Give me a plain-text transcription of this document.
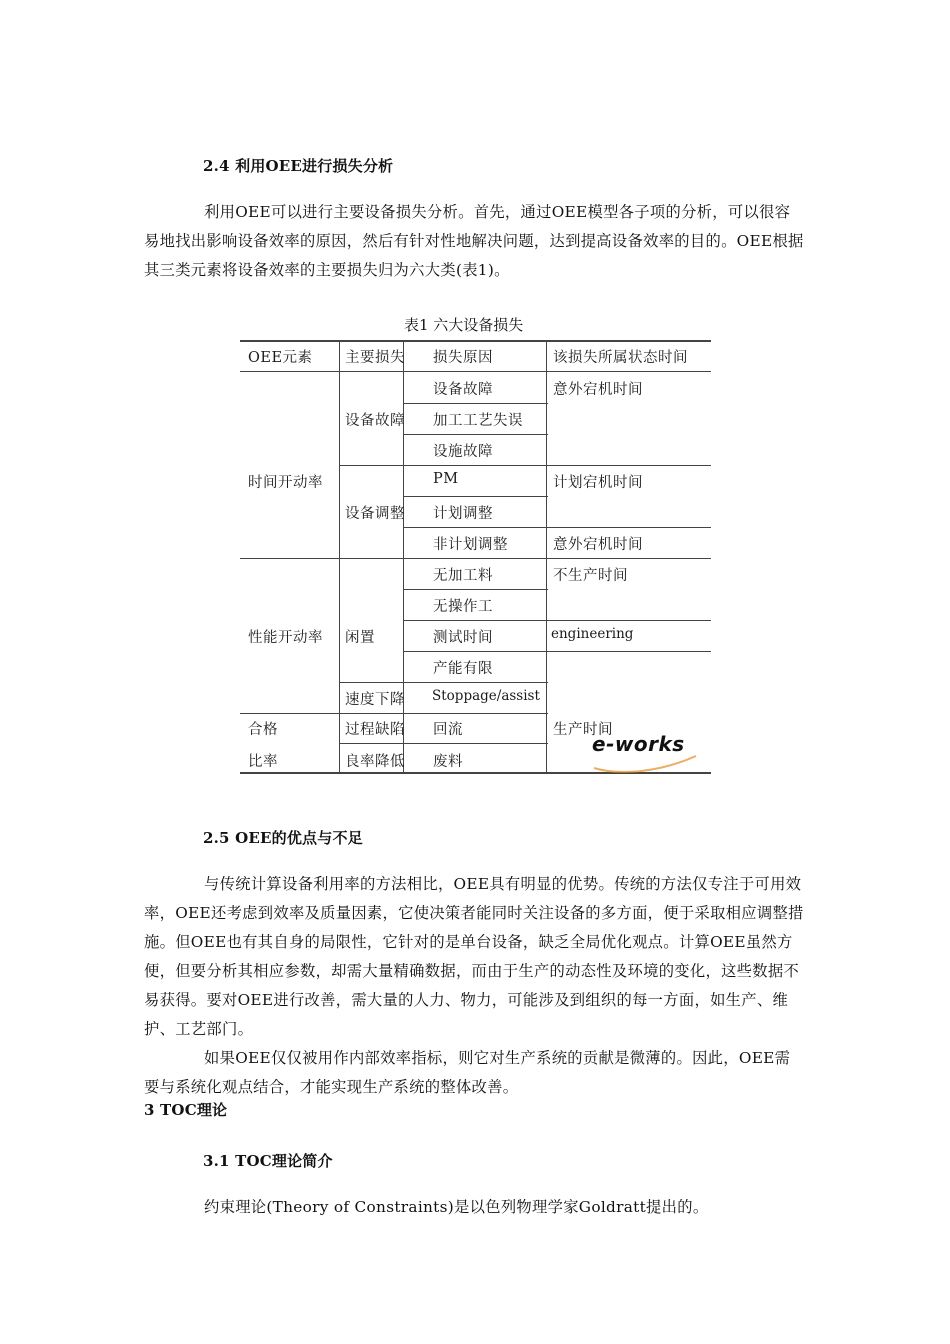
2.4 利用OEE进行损失分析
利用OEE可以进行主要设备损失分析。首先，通过OEE模型各子项的分析，可以很容易地找出影响设备效率的原因，然后有针对性地解决问题，达到提高设备效率的目的。OEE根据其三类元素将设备效率的主要损失归为六大类(表1)。
表1 六大设备损失
OEE元素 主要损失 损失原因	该损失所属状态时间
时间开动率
性能开动率
合格
比率
设备故障
设备调整
闲置
速度下降
过程缺陷
良率降低
设备故障
加工工艺失误
设施故障
PM
计划调整
非计划调整
无加工料
无操作工
测试时间
产能有限
Stoppage/assist
回流
废料
意外宕机时间
计划宕机时间
意外宕机时间
不生产时间
engineering
生产时间
e-works
2.5 OEE的优点与不足
与传统计算设备利用率的方法相比，OEE具有明显的优势。传统的方法仅专注于可用效率，OEE还考虑到效率及质量因素，它使决策者能同时关注设备的多方面，便于采取相应调整措施。但OEE也有其自身的局限性，它针对的是单台设备，缺乏全局优化观点。计算OEE虽然方便，但要分析其相应参数，却需大量精确数据，而由于生产的动态性及环境的变化，这些数据不易获得。要对OEE进行改善，需大量的人力、物力，可能涉及到组织的每一方面，如生产、维护、工艺部门。
如果OEE仅仅被用作内部效率指标，则它对生产系统的贡献是微薄的。因此，OEE需要与系统化观点结合，才能实现生产系统的整体改善。
3 TOC理论
3.1 TOC理论简介
约束理论(Theory of Constraints)是以色列物理学家Goldratt提出的。
